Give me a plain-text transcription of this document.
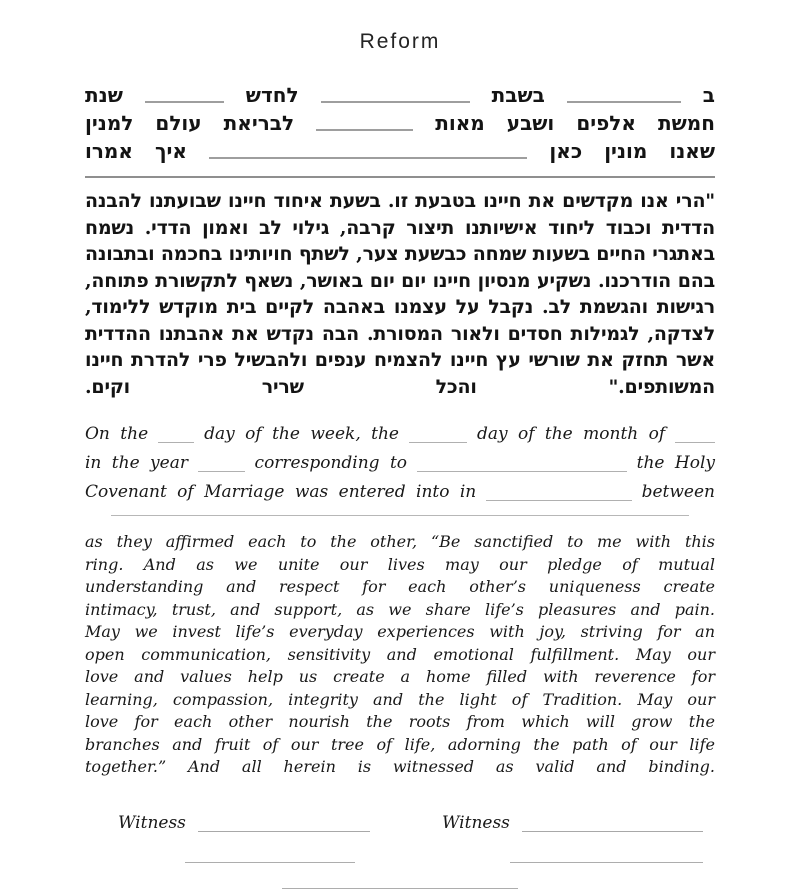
Reform
ב
בשבת
לחדש
שנת
חמשת
אלפים
ושבע
מאות
לבריאת
עולם
למנין
שאנו
מונין
כאן
איך
אמרו

"הרי אנו מקדשים את חיינו בטבעת זו. בשעת איחוד חיינו שבועתנו להבנה הדדית וכבוד ליחוד אישיותנו תיצור קרבה, גילוי לב ואמון הדדי. נשמח באתגרי החיים בשעות שמחה כבשעת צער, לשתף חויותינו בחכמה ובתבונה בהם הודרכנו. נשקיע מנסיון חיינו יום יום באושר, נשאף לתקשורת פתוחה, רגישות והגשמת לב. נקבל על עצמנו באהבה לקיים בית מוקדש ללימוד, לצדקה, לגמילות חסדים ולאור המסורת. הבה נקדש את אהבתנו ההדדית אשר תחזק את שורשי עץ חיינו להצמיח ענפים ולהבשיל פרי להדרת חיינו המשותפים." והכל שריר וקים.

On the	day of the week, the	day of the month of
in the year	corresponding to	the Holy
Covenant of Marriage was entered into in	between

as they affirmed each to the other, “Be sanctified to me with this ring. And as we unite our lives may our pledge of mutual understanding and respect for each other’s uniqueness create intimacy, trust, and support, as we share life’s pleasures and pain. May we invest life’s everyday experiences with joy, striving for an open communication, sensitivity and emotional fulfillment. May our love and values help us create a home filled with reverence for learning, compassion, integrity and the light of Tradition. May our love for each other nourish the roots from which will grow the branches and fruit of our tree of life, adorning the path of our life together.” And all herein is witnessed as valid and binding.

Witness	Witness
